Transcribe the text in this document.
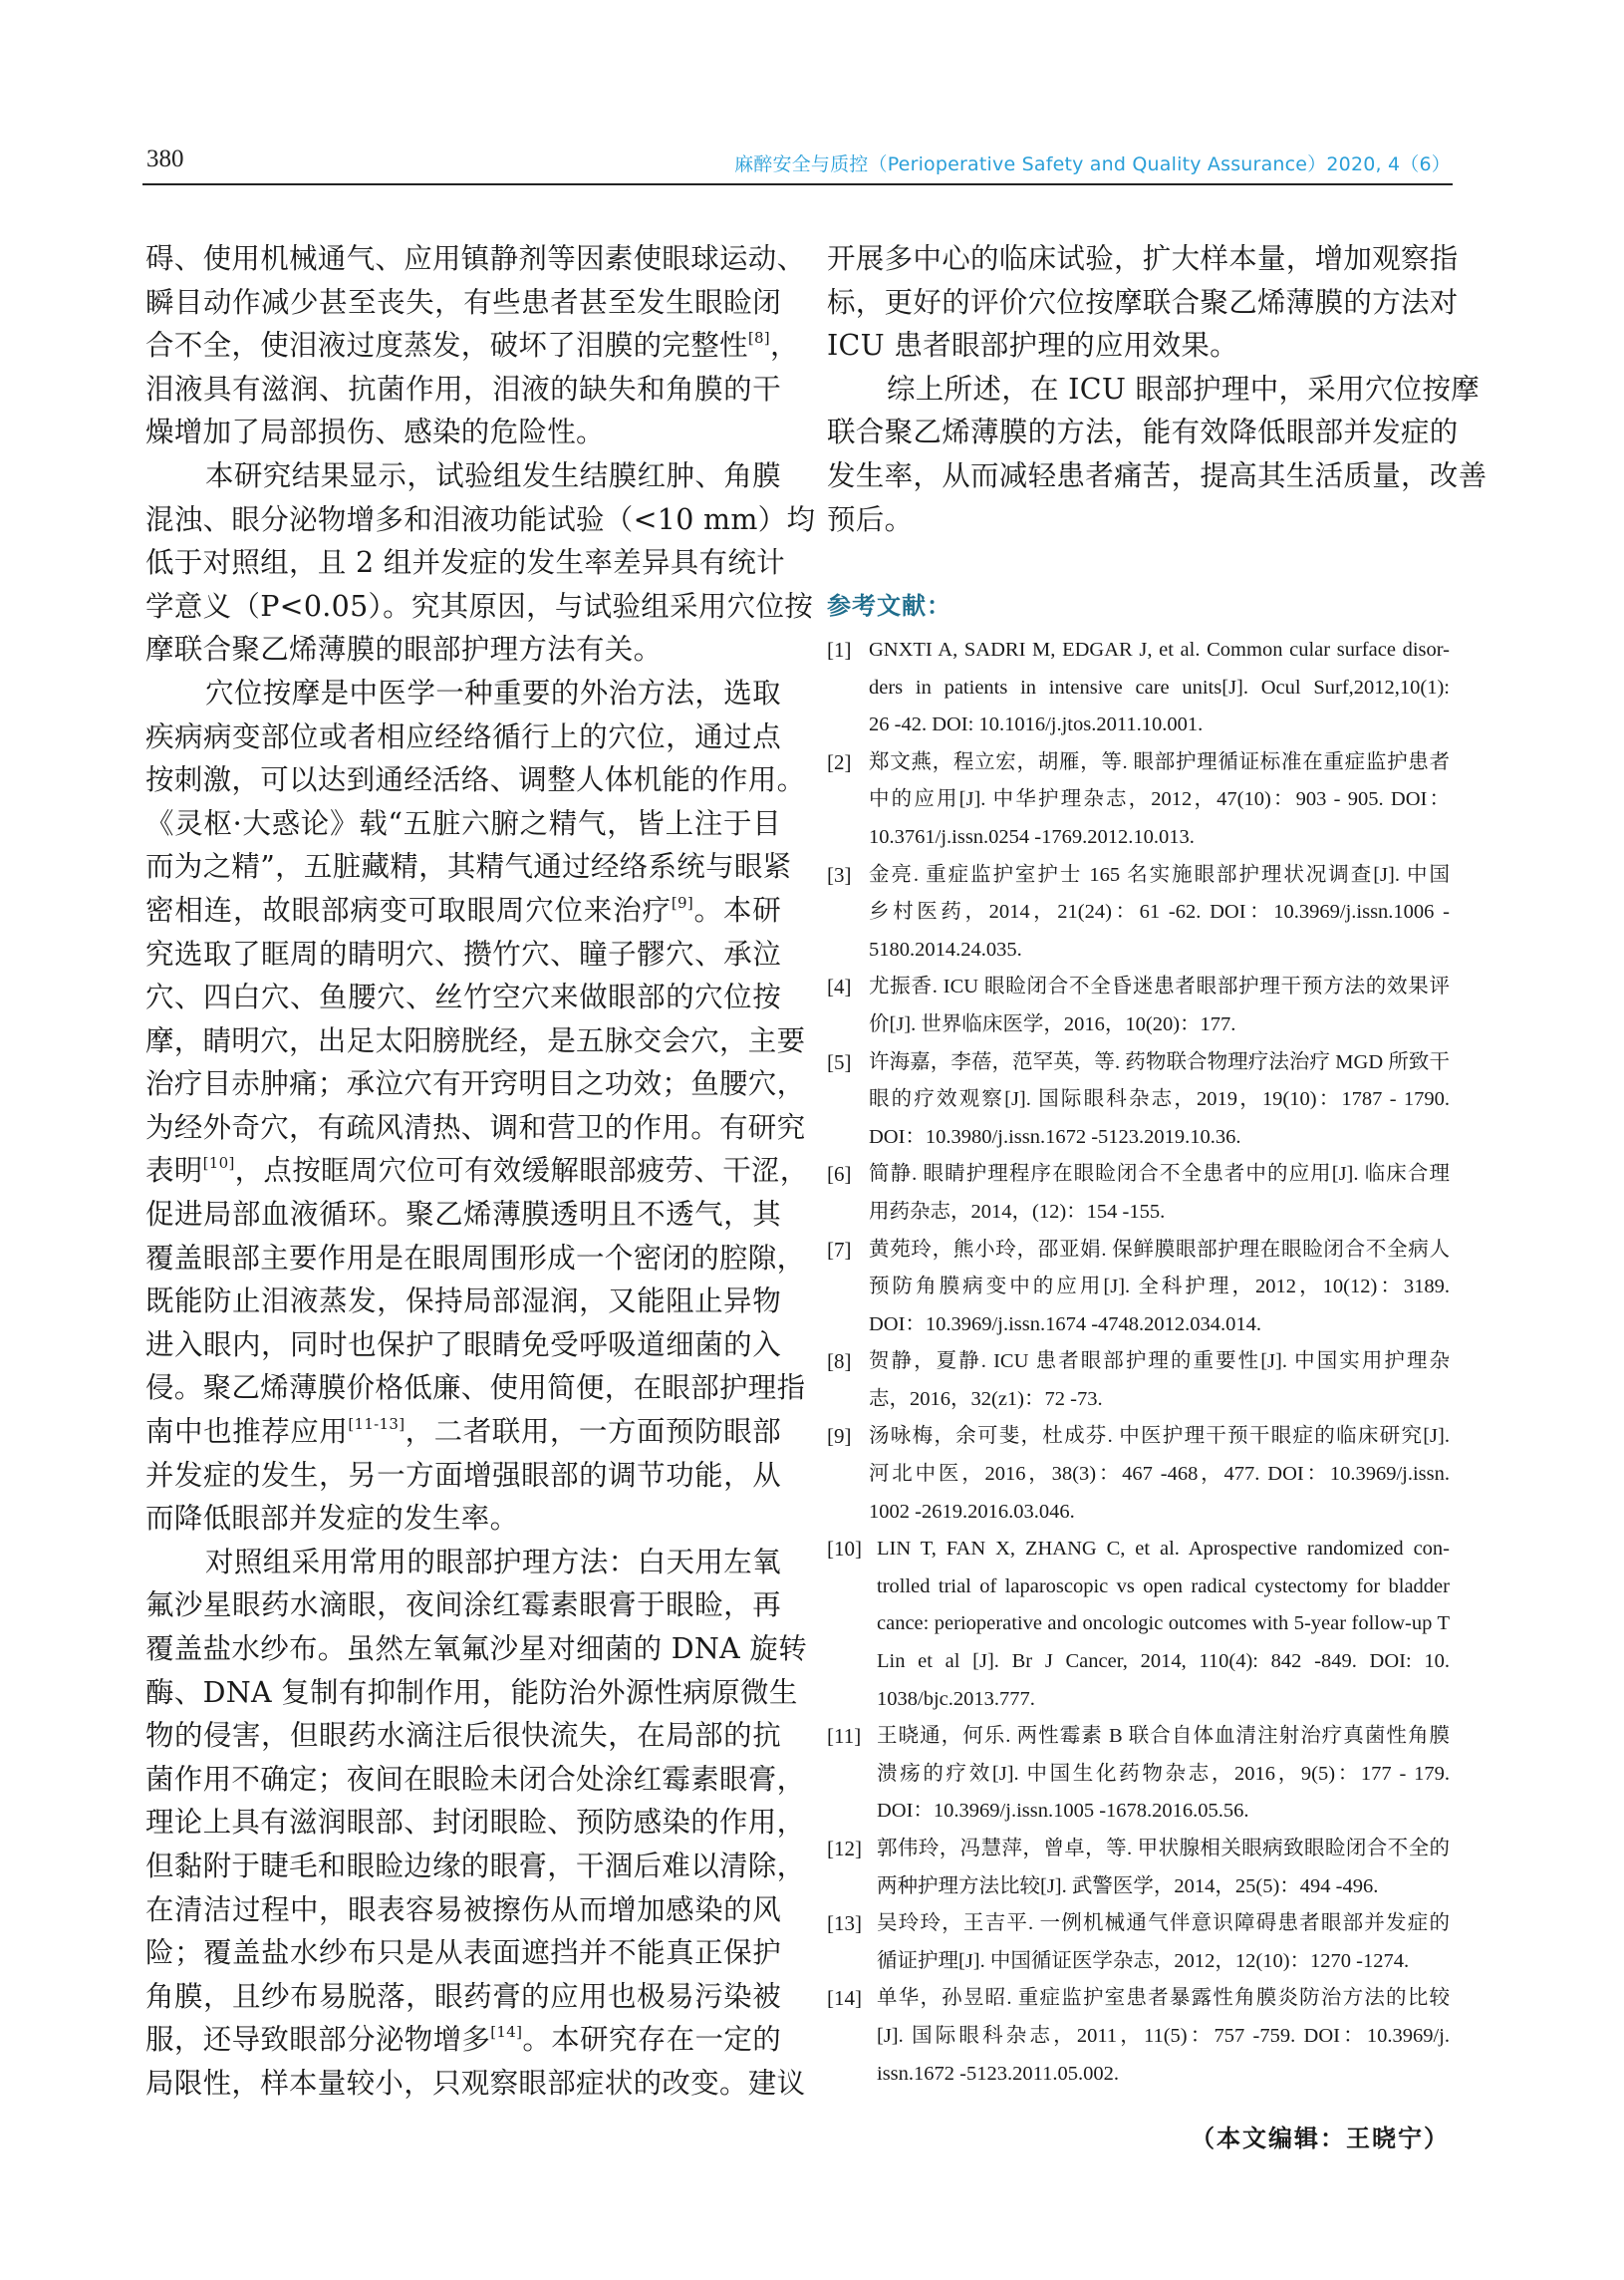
380	麻醉安全与质控（Perioperative Safety and Quality Assurance）2020, 4（6）
碍、使用机械通气、应用镇静剂等因素使眼球运动、
瞬目动作减少甚至丧失，有些患者甚至发生眼睑闭
合不全，使泪液过度蒸发，破坏了泪膜的完整性[8]，
泪液具有滋润、抗菌作用，泪液的缺失和角膜的干
燥增加了局部损伤、感染的危险性。
本研究结果显示，试验组发生结膜红肿、角膜
混浊、眼分泌物增多和泪液功能试验（<10 mm）均
低于对照组，且 2 组并发症的发生率差异具有统计
学意义（P<0.05）。究其原因，与试验组采用穴位按
摩联合聚乙烯薄膜的眼部护理方法有关。
穴位按摩是中医学一种重要的外治方法，选取
疾病病变部位或者相应经络循行上的穴位，通过点
按刺激，可以达到通经活络、调整人体机能的作用。
《灵枢·大惑论》载“五脏六腑之精气，皆上注于目
而为之精”，五脏藏精，其精气通过经络系统与眼紧
密相连，故眼部病变可取眼周穴位来治疗[9]。本研
究选取了眶周的睛明穴、攒竹穴、瞳子髎穴、承泣
穴、四白穴、鱼腰穴、丝竹空穴来做眼部的穴位按
摩，睛明穴，出足太阳膀胱经，是五脉交会穴，主要
治疗目赤肿痛；承泣穴有开窍明目之功效；鱼腰穴，
为经外奇穴，有疏风清热、调和营卫的作用。有研究
表明[10]，点按眶周穴位可有效缓解眼部疲劳、干涩，
促进局部血液循环。聚乙烯薄膜透明且不透气，其
覆盖眼部主要作用是在眼周围形成一个密闭的腔隙，
既能防止泪液蒸发，保持局部湿润，又能阻止异物
进入眼内，同时也保护了眼睛免受呼吸道细菌的入
侵。聚乙烯薄膜价格低廉、使用简便，在眼部护理指
南中也推荐应用[11-13]，二者联用，一方面预防眼部
并发症的发生，另一方面增强眼部的调节功能，从
而降低眼部并发症的发生率。
对照组采用常用的眼部护理方法：白天用左氧
氟沙星眼药水滴眼，夜间涂红霉素眼膏于眼睑，再
覆盖盐水纱布。虽然左氧氟沙星对细菌的 DNA 旋转
酶、DNA 复制有抑制作用，能防治外源性病原微生
物的侵害，但眼药水滴注后很快流失，在局部的抗
菌作用不确定；夜间在眼睑未闭合处涂红霉素眼膏，
理论上具有滋润眼部、封闭眼睑、预防感染的作用，
但黏附于睫毛和眼睑边缘的眼膏，干涸后难以清除，
在清洁过程中，眼表容易被擦伤从而增加感染的风
险；覆盖盐水纱布只是从表面遮挡并不能真正保护
角膜，且纱布易脱落，眼药膏的应用也极易污染被
服，还导致眼部分泌物增多[14]。本研究存在一定的
局限性，样本量较小，只观察眼部症状的改变。建议
开展多中心的临床试验，扩大样本量，增加观察指
标，更好的评价穴位按摩联合聚乙烯薄膜的方法对
ICU 患者眼部护理的应用效果。
综上所述，在 ICU 眼部护理中，采用穴位按摩
联合聚乙烯薄膜的方法，能有效降低眼部并发症的
发生率，从而减轻患者痛苦，提高其生活质量，改善
预后。
参考文献：
[1] GNXTI A, SADRI M, EDGAR J, et al. Common cular surface disor-
ders in patients in intensive care units[J]. Ocul Surf,2012,10(1):
26 -42. DOI: 10.1016/j.jtos.2011.10.001.
[2] 郑文燕，程立宏，胡雁，等. 眼部护理循证标准在重症监护患者
中的应用[J]. 中华护理杂志，2012，47(10)：903 - 905. DOI：
10.3761/j.issn.0254 -1769.2012.10.013.
[3] 金亮. 重症监护室护士 165 名实施眼部护理状况调查[J]. 中国
乡村医药，2014，21(24)：61 -62. DOI：10.3969/j.issn.1006 -
5180.2014.24.035.
[4] 尤振香. ICU 眼睑闭合不全昏迷患者眼部护理干预方法的效果评
价[J]. 世界临床医学，2016，10(20)：177.
[5] 许海嘉，李蓓，范罕英，等. 药物联合物理疗法治疗 MGD 所致干
眼的疗效观察[J]. 国际眼科杂志，2019，19(10)：1787 - 1790.
DOI：10.3980/j.issn.1672 -5123.2019.10.36.
[6] 简静. 眼睛护理程序在眼睑闭合不全患者中的应用[J]. 临床合理
用药杂志，2014，(12)：154 -155.
[7] 黄苑玲，熊小玲，邵亚娟. 保鲜膜眼部护理在眼睑闭合不全病人
预防角膜病变中的应用[J]. 全科护理，2012，10(12)：3189.
DOI：10.3969/j.issn.1674 -4748.2012.034.014.
[8] 贺静，夏静. ICU 患者眼部护理的重要性[J]. 中国实用护理杂
志，2016，32(z1)：72 -73.
[9] 汤咏梅，余可斐，杜成芬. 中医护理干预干眼症的临床研究[J].
河北中医，2016，38(3)：467 -468，477. DOI：10.3969/j.issn.
1002 -2619.2016.03.046.
[10] LIN T, FAN X, ZHANG C, et al. Aprospective randomized con-
trolled trial of laparoscopic vs open radical cystectomy for bladder
cance: perioperative and oncologic outcomes with 5-year follow-up T
Lin et al [J]. Br J Cancer, 2014, 110(4): 842 -849. DOI: 10.
1038/bjc.2013.777.
[11] 王晓通，何乐. 两性霉素 B 联合自体血清注射治疗真菌性角膜
溃疡的疗效[J]. 中国生化药物杂志，2016，9(5)：177 - 179.
DOI：10.3969/j.issn.1005 -1678.2016.05.56.
[12] 郭伟玲，冯慧萍，曾卓，等. 甲状腺相关眼病致眼睑闭合不全的
两种护理方法比较[J]. 武警医学，2014，25(5)：494 -496.
[13] 吴玲玲，王吉平. 一例机械通气伴意识障碍患者眼部并发症的
循证护理[J]. 中国循证医学杂志，2012，12(10)：1270 -1274.
[14] 单华，孙昱昭. 重症监护室患者暴露性角膜炎防治方法的比较
[J]. 国际眼科杂志，2011，11(5)：757 -759. DOI：10.3969/j.
issn.1672 -5123.2011.05.002.
（本文编辑：王晓宁）
